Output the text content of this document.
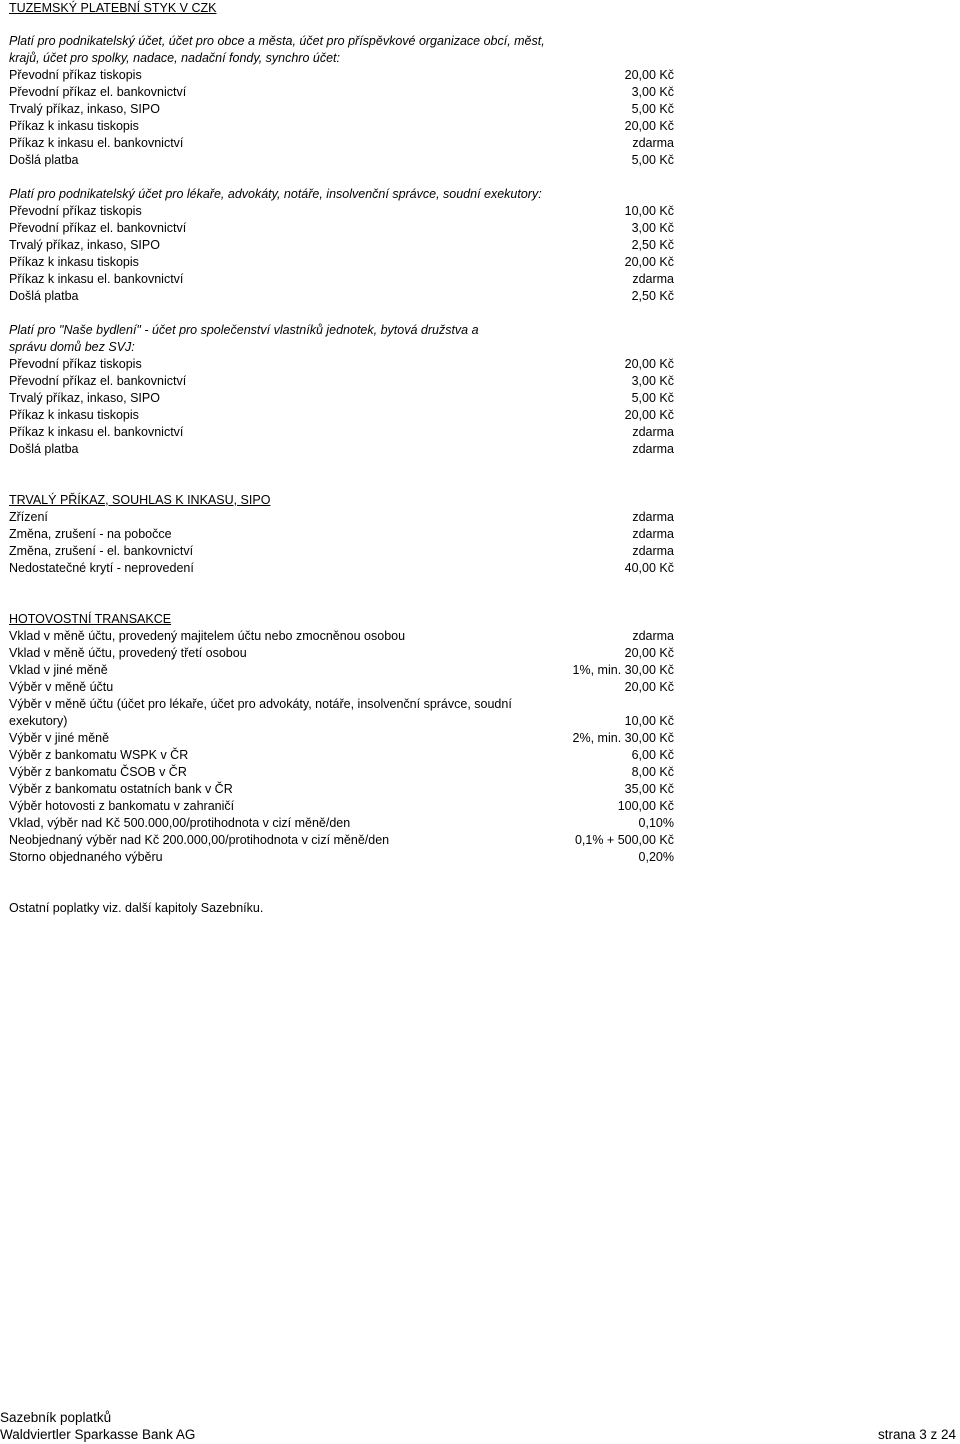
TUZEMSKÝ PLATEBNÍ STYK V CZK
Platí pro podnikatelský účet, účet pro obce a města, účet pro příspěvkové organizace obcí, měst,
krajů, účet pro spolky, nadace, nadační fondy, synchro účet:
Převodní příkaz tiskopis	20,00 Kč
Převodní příkaz el. bankovnictví	3,00 Kč
Trvalý příkaz, inkaso, SIPO	5,00 Kč
Příkaz k inkasu tiskopis	20,00 Kč
Příkaz k inkasu el. bankovnictví	zdarma
Došlá platba	5,00 Kč
Platí pro podnikatelský účet pro lékaře, advokáty, notáře, insolvenční správce, soudní exekutory:
Převodní příkaz tiskopis	10,00 Kč
Převodní příkaz el. bankovnictví	3,00 Kč
Trvalý příkaz, inkaso, SIPO	2,50 Kč
Příkaz k inkasu tiskopis	20,00 Kč
Příkaz k inkasu el. bankovnictví	zdarma
Došlá platba	2,50 Kč
Platí pro "Naše bydlení" - účet pro společenství vlastníků jednotek, bytová družstva a
správu domů bez SVJ:
Převodní příkaz tiskopis	20,00 Kč
Převodní příkaz el. bankovnictví	3,00 Kč
Trvalý příkaz, inkaso, SIPO	5,00 Kč
Příkaz k inkasu tiskopis	20,00 Kč
Příkaz k inkasu el. bankovnictví	zdarma
Došlá platba	zdarma
TRVALÝ PŘÍKAZ, SOUHLAS K INKASU, SIPO
Zřízení	zdarma
Změna, zrušení - na pobočce	zdarma
Změna, zrušení - el. bankovnictví	zdarma
Nedostatečné krytí - neprovedení	40,00 Kč
HOTOVOSTNÍ TRANSAKCE
Vklad v měně účtu, provedený majitelem účtu nebo zmocněnou osobou	zdarma
Vklad v měně účtu, provedený třetí osobou	20,00 Kč
Vklad v jiné měně	1%, min. 30,00 Kč
Výběr v měně účtu	20,00 Kč
Výběr v měně účtu (účet pro lékaře, účet pro advokáty, notáře, insolvenční správce, soudní
exekutory)	10,00 Kč
Výběr v jiné měně	2%, min. 30,00 Kč
Výběr z bankomatu WSPK v ČR	6,00 Kč
Výběr z bankomatu ČSOB v ČR	8,00 Kč
Výběr z bankomatu ostatních bank v ČR	35,00 Kč
Výběr hotovosti z bankomatu v zahraničí	100,00 Kč
Vklad, výběr nad Kč 500.000,00/protihodnota v cizí měně/den	0,10%
Neobjednaný výběr nad Kč 200.000,00/protihodnota v cizí měně/den	0,1% + 500,00 Kč
Storno objednaného výběru	0,20%
Ostatní poplatky viz. další kapitoly Sazebníku.
Sazebník poplatků
Waldviertler Sparkasse Bank AG	strana 3 z 24
